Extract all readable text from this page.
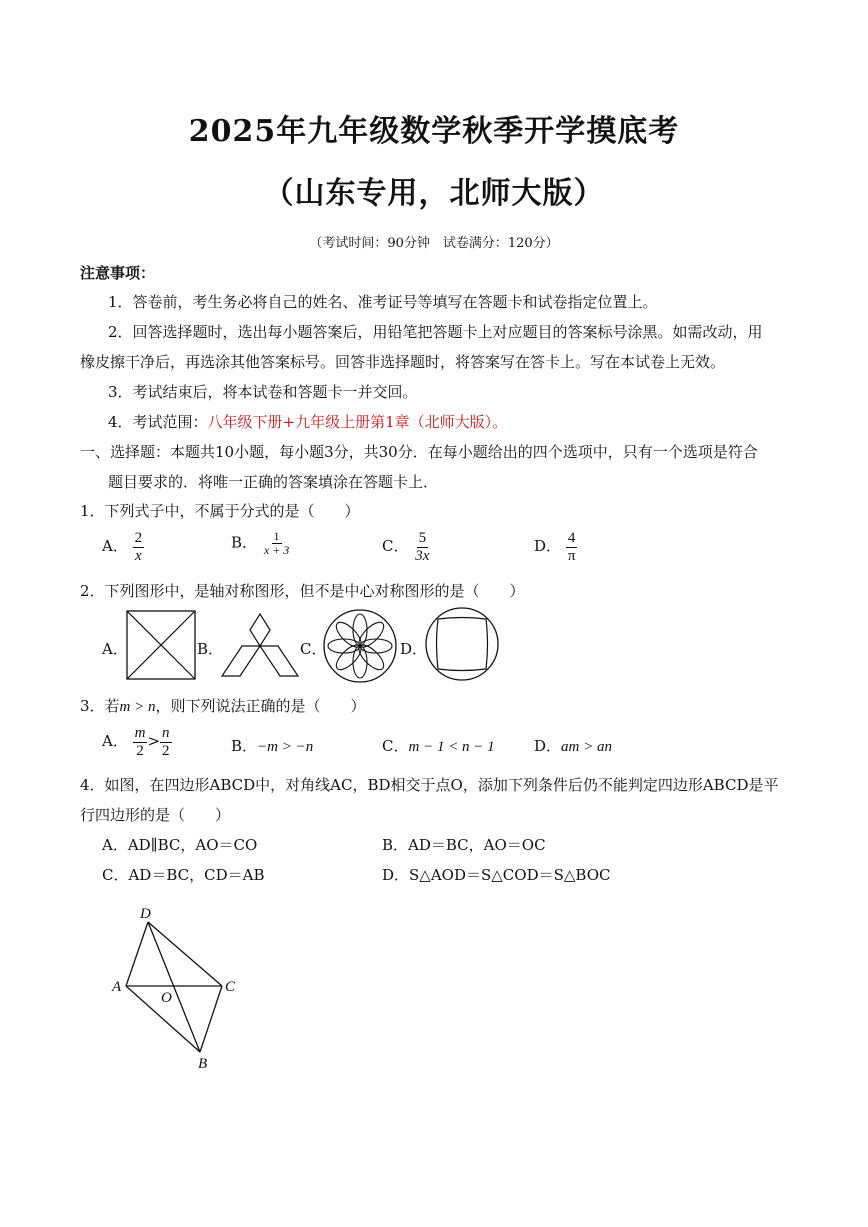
2025年九年级数学秋季开学摸底考
（山东专用，北师大版）
（考试时间：90分钟　试卷满分：120分）
注意事项：
1．答卷前，考生务必将自己的姓名、准考证号等填写在答题卡和试卷指定位置上。
2．回答选择题时，选出每小题答案后，用铅笔把答题卡上对应题目的答案标号涂黑。如需改动，用
橡皮擦干净后，再选涂其他答案标号。回答非选择题时，将答案写在答卡上。写在本试卷上无效。
3．考试结束后，将本试卷和答题卡一并交回。
4．考试范围：八年级下册+九年级上册第1章（北师大版）。
一、选择题：本题共10小题，每小题3分，共30分．在每小题给出的四个选项中，只有一个选项是符合
题目要求的．将唯一正确的答案填涂在答题卡上．
1．下列式子中，不属于分式的是（　　）
A． $\frac{2}{x}$	B． $\frac{1}{x + 3}$	C． $\frac{5}{3x}$	D． $\frac{4}{\pi}$
2．下列图形中，是轴对称图形，但不是中心对称图形的是（　　）
A．	B．	C．	D．
3．若m > n，则下列说法正确的是（　　）
A． $\frac{m}{2} > \frac{n}{2}$	B．−m > −n	C．m − 1 < n − 1	D．am > an
4．如图，在四边形ABCD中，对角线AC，BD相交于点O，添加下列条件后仍不能判定四边形ABCD是平
行四边形的是（　　）
A．AD∥BC，AO＝CO	B．AD＝BC，AO＝OC
C．AD＝BC，CD＝AB	D．S△AOD＝S△COD＝S△BOC
D
A
O
C
B
